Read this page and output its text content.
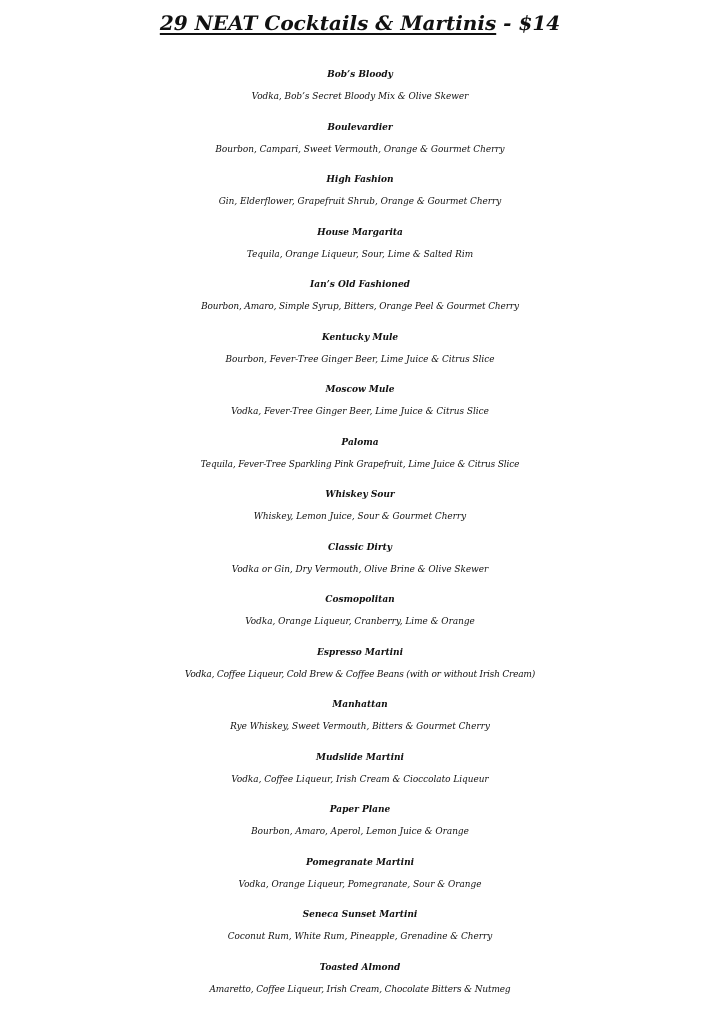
29 NEAT Cocktails & Martinis - $14
Bob’s Bloody
Vodka, Bob’s Secret Bloody Mix & Olive Skewer
Boulevardier
Bourbon, Campari, Sweet Vermouth, Orange & Gourmet Cherry
High Fashion
Gin, Elderflower, Grapefruit Shrub, Orange & Gourmet Cherry
House Margarita
Tequila, Orange Liqueur, Sour, Lime & Salted Rim
Ian’s Old Fashioned
Bourbon, Amaro, Simple Syrup, Bitters, Orange Peel & Gourmet Cherry
Kentucky Mule
Bourbon, Fever-Tree Ginger Beer, Lime Juice & Citrus Slice
Moscow Mule
Vodka, Fever-Tree Ginger Beer, Lime Juice & Citrus Slice
Paloma
Tequila, Fever-Tree Sparkling Pink Grapefruit, Lime Juice & Citrus Slice
Whiskey Sour
Whiskey, Lemon Juice, Sour & Gourmet Cherry
Classic Dirty
Vodka or Gin, Dry Vermouth, Olive Brine & Olive Skewer
Cosmopolitan
Vodka, Orange Liqueur, Cranberry, Lime & Orange
Espresso Martini
Vodka, Coffee Liqueur, Cold Brew & Coffee Beans (with or without Irish Cream)
Manhattan
Rye Whiskey, Sweet Vermouth, Bitters & Gourmet Cherry
Mudslide Martini
Vodka, Coffee Liqueur, Irish Cream & Cioccolato Liqueur
Paper Plane
Bourbon, Amaro, Aperol, Lemon Juice & Orange
Pomegranate Martini
Vodka, Orange Liqueur, Pomegranate, Sour & Orange
Seneca Sunset Martini
Coconut Rum, White Rum, Pineapple, Grenadine & Cherry
Toasted Almond
Amaretto, Coffee Liqueur, Irish Cream, Chocolate Bitters & Nutmeg
